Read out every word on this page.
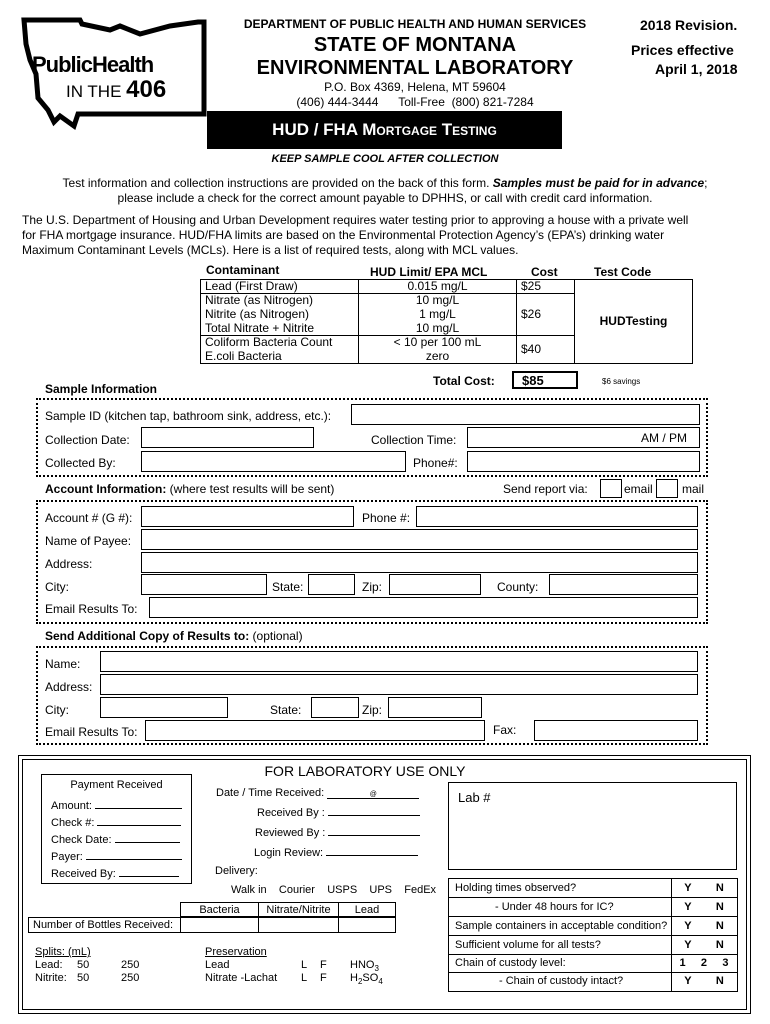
PublicHealth
IN THE 406
DEPARTMENT OF PUBLIC HEALTH AND HUMAN SERVICES
STATE OF MONTANA
ENVIRONMENTAL LABORATORY
P.O. Box 4369, Helena, MT 59604
(406) 444-3444 Toll-Free  (800) 821-7284
2018 Revision.
Prices effective
April 1, 2018
HUD / FHA Mortgage Testing
KEEP SAMPLE COOL AFTER COLLECTION
Test information and collection instructions are provided on the back of this form. Samples must be paid for in advance;
please include a check for the correct amount payable to DPHHS, or call with credit card information.
The U.S. Department of Housing and Urban Development requires water testing prior to approving a house with a private well
for FHA mortgage insurance. HUD/FHA limits are based on the Environmental Protection Agency’s (EPA’s) drinking water
Maximum Contaminant Levels (MCLs). Here is a list of required tests, along with MCL values.
Contaminant	HUD Limit/ EPA MCL	Cost	Test Code
Lead (First Draw)	0.015 mg/L	$25	HUDTesting
Nitrate (as Nitrogen)	10 mg/L	$26	
Nitrite (as Nitrogen)	1 mg/L		
Total Nitrate + Nitrite	10 mg/L		
Coliform Bacteria Count	< 10 per 100 mL	$40	
E.coli Bacteria	zero		
Total Cost:	$85	$6 savings
Sample Information
Sample ID (kitchen tap, bathroom sink, address, etc.):
Collection Date:	Collection Time:	AM / PM
Collected By:	Phone#:
Account Information: (where test results will be sent)	Send report via:	email mail
Account # (G #):	Phone #:
Name of Payee:
Address:
City:	State:	Zip:	County:
Email Results To:
Send Additional Copy of Results to: (optional)
Name:
Address:
City:	State:	Zip:
Email Results To:	Fax:
FOR LABORATORY USE ONLY
Payment Received
Amount:
Check #:
Check Date:
Payer:
Received By:
Date / Time Received:	@
Received By :
Reviewed By :
Login Review:
Delivery:
Walk in Courier USPS UPS FedEx
Lab #
Bacteria	Nitrate/Nitrite	Lead
Number of Bottles Received:
Splits: (mL)
Lead: 50	250
Nitrite: 50	250
Preservation
Lead	L F $HNO_3$
Nitrate -Lachat L F $H_2SO_4$
Holding times observed?	Y        N
- Under 48 hours for IC?	Y        N
Sample containers in acceptable condition?	Y        N
Sufficient volume for all tests?	Y        N
Chain of custody level:	1     2     3
- Chain of custody intact?	Y        N
